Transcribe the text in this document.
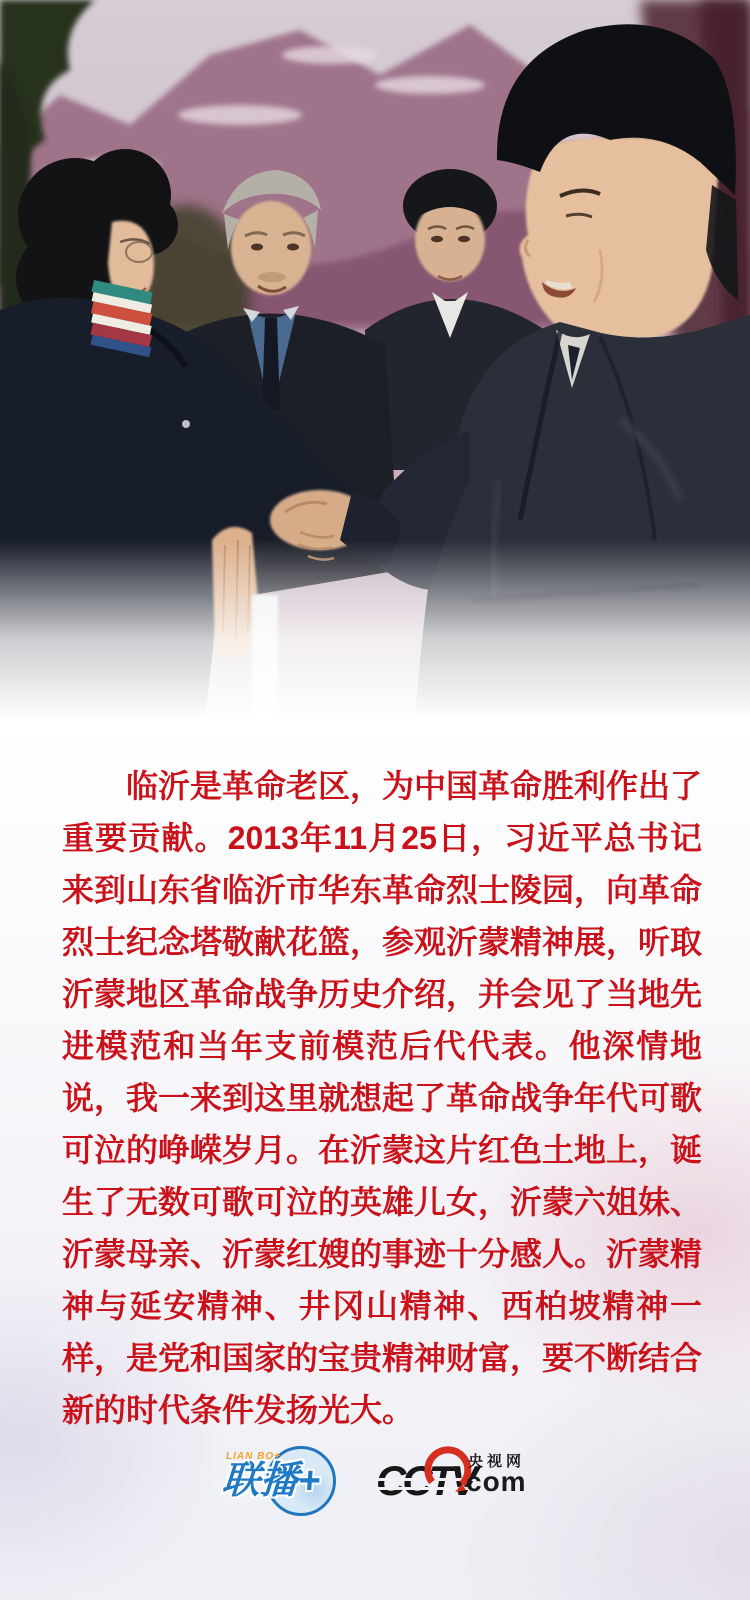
临沂是革命老区，为中国革命胜利作出了重要贡献。2013年11月25日，习近平总书记来到山东省临沂市华东革命烈士陵园，向革命烈士纪念塔敬献花篮，参观沂蒙精神展，听取沂蒙地区革命战争历史介绍，并会见了当地先进模范和当年支前模范后代代表。他深情地说，我一来到这里就想起了革命战争年代可歌可泣的峥嵘岁月。在沂蒙这片红色土地上，诞生了无数可歌可泣的英雄儿女，沂蒙六姐妹、沂蒙母亲、沂蒙红嫂的事迹十分感人。沂蒙精神与延安精神、井冈山精神、西柏坡精神一样，是党和国家的宝贵精神财富，要不断结合新的时代条件发扬光大。

LIAN BO+
联播+	央视网
com
